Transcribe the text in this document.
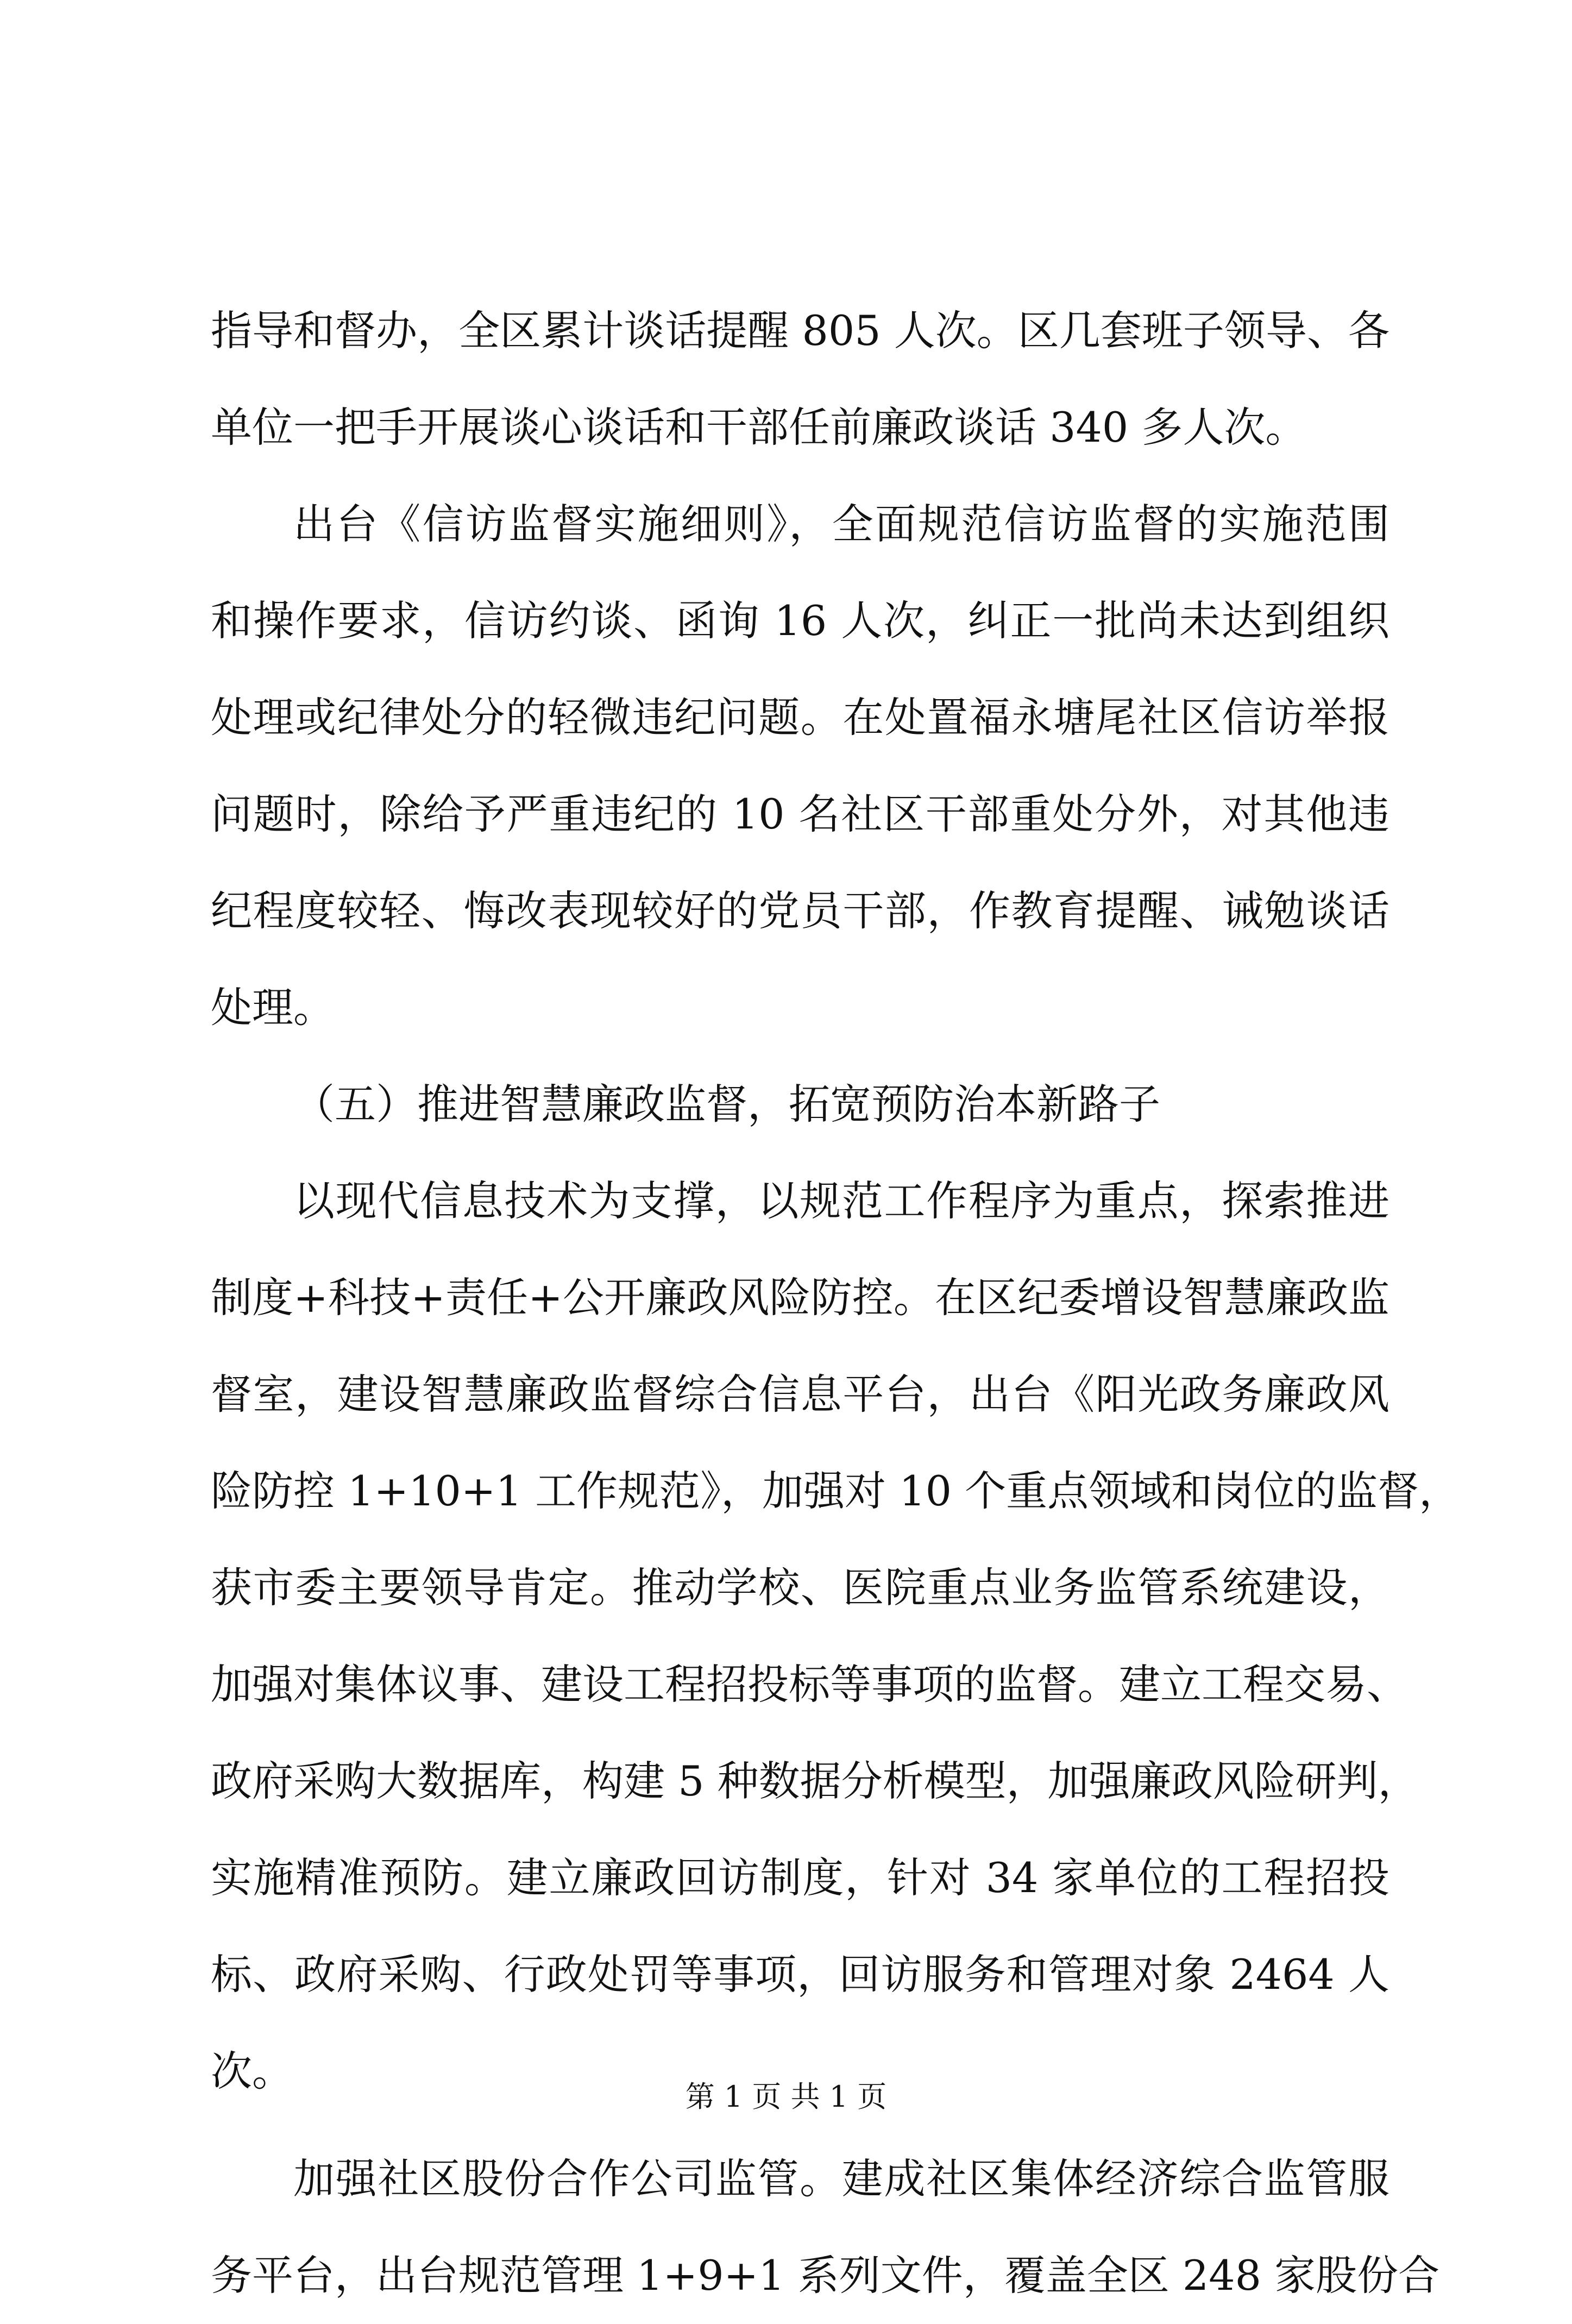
指导和督办，全区累计谈话提醒 805 人次。区几套班子领导、各
单位一把手开展谈心谈话和干部任前廉政谈话 340 多人次。
出台《信访监督实施细则》，全面规范信访监督的实施范围
和操作要求，信访约谈、函询 16 人次，纠正一批尚未达到组织
处理或纪律处分的轻微违纪问题。在处置福永塘尾社区信访举报
问题时，除给予严重违纪的 10 名社区干部重处分外，对其他违
纪程度较轻、悔改表现较好的党员干部，作教育提醒、诫勉谈话
处理。
（五）推进智慧廉政监督，拓宽预防治本新路子
以现代信息技术为支撑，以规范工作程序为重点，探索推进
制度+科技+责任+公开廉政风险防控。在区纪委增设智慧廉政监
督室，建设智慧廉政监督综合信息平台，出台《阳光政务廉政风
险防控 1+10+1 工作规范》，加强对 10 个重点领域和岗位的监督，
获市委主要领导肯定。推动学校、医院重点业务监管系统建设，
加强对集体议事、建设工程招投标等事项的监督。建立工程交易、
政府采购大数据库，构建 5 种数据分析模型，加强廉政风险研判，
实施精准预防。建立廉政回访制度，针对 34 家单位的工程招投
标、政府采购、行政处罚等事项，回访服务和管理对象 2464 人
次。
加强社区股份合作公司监管。建成社区集体经济综合监管服
务平台，出台规范管理 1+9+1 系列文件，覆盖全区 248 家股份合
第 1 页 共 1 页
